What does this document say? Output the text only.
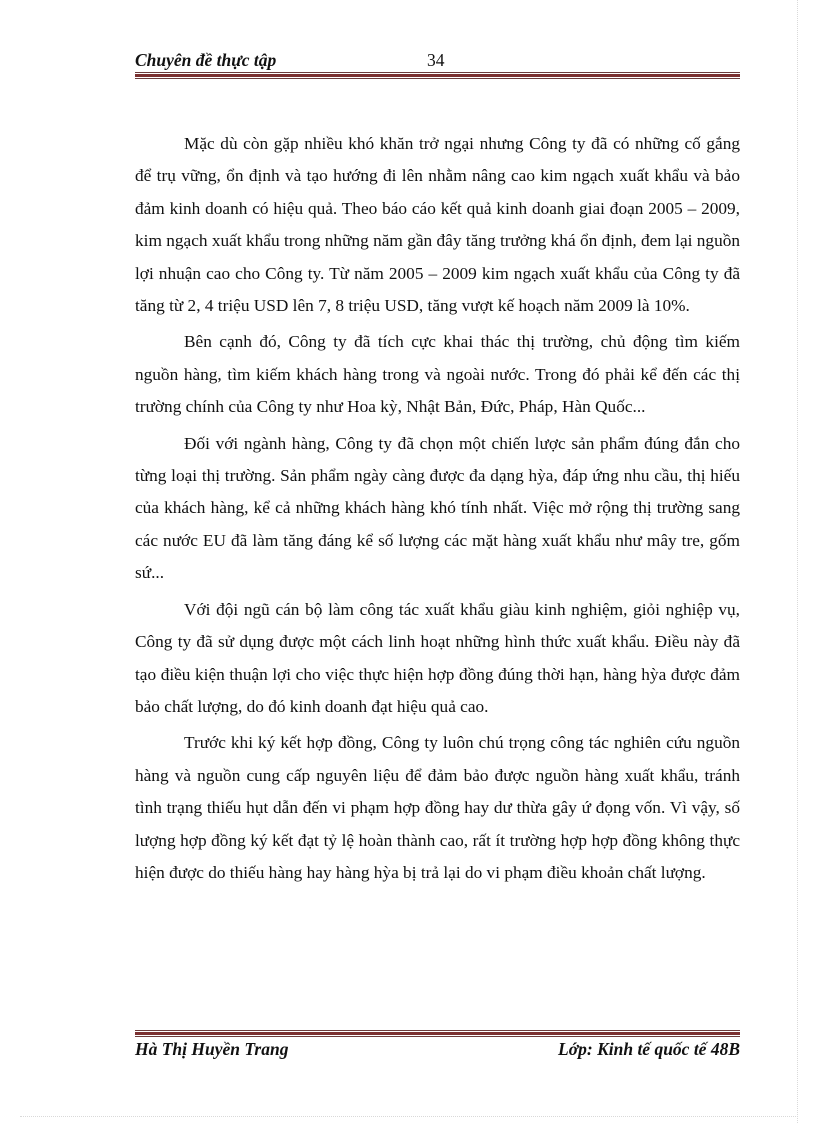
Chuyên đề thực tập	34

Mặc dù còn gặp nhiều khó khăn trở ngại nhưng Công ty đã có những cố gắng để trụ vững, ổn định và tạo hướng đi lên nhằm nâng cao kim ngạch xuất khẩu và bảo đảm kinh doanh có hiệu quả. Theo báo cáo kết quả kinh doanh giai đoạn 2005 – 2009, kim ngạch xuất khẩu trong những năm gần đây tăng trưởng khá ổn định, đem lại nguồn lợi nhuận cao cho Công ty. Từ năm 2005 – 2009 kim ngạch xuất khẩu của Công ty đã tăng từ 2, 4 triệu USD lên 7, 8 triệu USD, tăng vượt kế hoạch năm 2009 là 10%.

Bên cạnh đó, Công ty đã tích cực khai thác thị trường, chủ động tìm kiếm nguồn hàng, tìm kiếm khách hàng trong và ngoài nước. Trong đó phải kể đến các thị trường chính của Công ty như Hoa kỳ, Nhật Bản, Đức, Pháp, Hàn Quốc...

Đối với ngành hàng, Công ty đã chọn một chiến lược sản phẩm đúng đắn cho từng loại thị trường. Sản phẩm ngày càng được đa dạng hỳa, đáp ứng nhu cầu, thị hiếu của khách hàng, kể cả những khách hàng khó tính nhất. Việc mở rộng thị trường sang các nước EU đã làm tăng đáng kể số lượng các mặt hàng xuất khẩu như mây tre, gốm sứ...

Với đội ngũ cán bộ làm công tác xuất khẩu giàu kinh nghiệm, giỏi nghiệp vụ, Công ty đã sử dụng được một cách linh hoạt những hình thức xuất khẩu. Điều này đã tạo điều kiện thuận lợi cho việc thực hiện hợp đồng đúng thời hạn, hàng hỳa được đảm bảo chất lượng, do đó kinh doanh đạt hiệu quả cao.

Trước khi ký kết hợp đồng, Công ty luôn chú trọng công tác nghiên cứu nguồn hàng và nguồn cung cấp nguyên liệu để đảm bảo được nguồn hàng xuất khẩu, tránh tình trạng thiếu hụt dẫn đến vi phạm hợp đồng hay dư thừa gây ứ đọng vốn. Vì vậy, số lượng hợp đồng ký kết đạt tỷ lệ hoàn thành cao, rất ít trường hợp hợp đồng không thực hiện được do thiếu hàng hay hàng hỳa bị trả lại do vi phạm điều khoản chất lượng.

Hà Thị Huyền Trang	Lớp: Kinh tế quốc tế 48B
